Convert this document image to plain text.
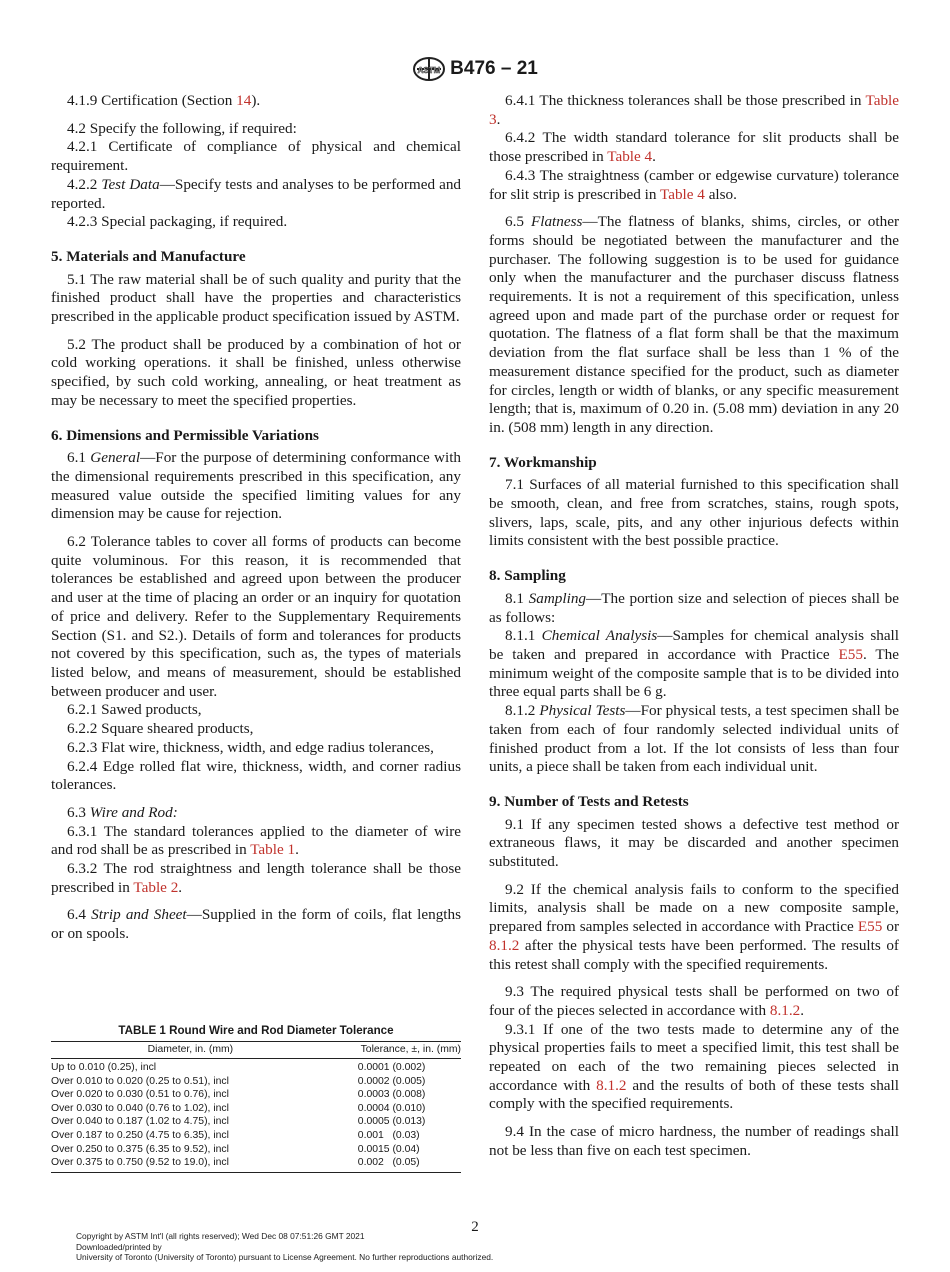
ASTM B476 – 21
4.1.9 Certification (Section 14).
4.2 Specify the following, if required:
4.2.1 Certificate of compliance of physical and chemical requirement.
4.2.2 Test Data—Specify tests and analyses to be performed and reported.
4.2.3 Special packaging, if required.
5. Materials and Manufacture
5.1 The raw material shall be of such quality and purity that the finished product shall have the properties and characteristics prescribed in the applicable product specification issued by ASTM.
5.2 The product shall be produced by a combination of hot or cold working operations. it shall be finished, unless otherwise specified, by such cold working, annealing, or heat treatment as may be necessary to meet the specified properties.
6. Dimensions and Permissible Variations
6.1 General—For the purpose of determining conformance with the dimensional requirements prescribed in this specification, any measured value outside the specified limiting values for any dimension may be cause for rejection.
6.2 Tolerance tables to cover all forms of products can become quite voluminous. For this reason, it is recommended that tolerances be established and agreed upon between the producer and user at the time of placing an order or an inquiry for quotation of price and delivery. Refer to the Supplementary Requirements Section (S1. and S2.). Details of form and tolerances for products not covered by this specification, such as, the types of materials listed below, and means of measurement, should be established between producer and user.
6.2.1 Sawed products,
6.2.2 Square sheared products,
6.2.3 Flat wire, thickness, width, and edge radius tolerances,
6.2.4 Edge rolled flat wire, thickness, width, and corner radius tolerances.
6.3 Wire and Rod:
6.3.1 The standard tolerances applied to the diameter of wire and rod shall be as prescribed in Table 1.
6.3.2 The rod straightness and length tolerance shall be those prescribed in Table 2.
6.4 Strip and Sheet—Supplied in the form of coils, flat lengths or on spools.
6.4.1 The thickness tolerances shall be those prescribed in Table 3.
6.4.2 The width standard tolerance for slit products shall be those prescribed in Table 4.
6.4.3 The straightness (camber or edgewise curvature) tolerance for slit strip is prescribed in Table 4 also.
6.5 Flatness—The flatness of blanks, shims, circles, or other forms should be negotiated between the manufacturer and the purchaser. The following suggestion is to be used for guidance only when the manufacturer and the purchaser discuss flatness requirements. It is not a requirement of this specification, unless agreed upon and made part of the purchase order or request for quotation. The flatness of a flat form shall be that the maximum deviation from the flat surface shall be less than 1 % of the measurement distance specified for the product, such as diameter for circles, length or width of blanks, or any specific measurement length; that is, maximum of 0.20 in. (5.08 mm) deviation in any 20 in. (508 mm) length in any direction.
7. Workmanship
7.1 Surfaces of all material furnished to this specification shall be smooth, clean, and free from scratches, stains, rough spots, slivers, laps, scale, pits, and any other injurious defects within limits consistent with the best possible practice.
8. Sampling
8.1 Sampling—The portion size and selection of pieces shall be as follows:
8.1.1 Chemical Analysis—Samples for chemical analysis shall be taken and prepared in accordance with Practice E55. The minimum weight of the composite sample that is to be divided into three equal parts shall be 6 g.
8.1.2 Physical Tests—For physical tests, a test specimen shall be taken from each of four randomly selected individual units of finished product from a lot. If the lot consists of less than four units, a piece shall be taken from each individual unit.
9. Number of Tests and Retests
9.1 If any specimen tested shows a defective test method or extraneous flaws, it may be discarded and another specimen substituted.
9.2 If the chemical analysis fails to conform to the specified limits, analysis shall be made on a new composite sample, prepared from samples selected in accordance with Practice E55 or 8.1.2 after the physical tests have been performed. The results of this retest shall comply with the specified requirements.
9.3 The required physical tests shall be performed on two of four of the pieces selected in accordance with 8.1.2.
9.3.1 If one of the two tests made to determine any of the physical properties fails to meet a specified limit, this test shall be repeated on each of the two remaining pieces selected in accordance with 8.1.2 and the results of both of these tests shall comply with the specified requirements.
9.4 In the case of micro hardness, the number of readings shall not be less than five on each test specimen.
TABLE 1 Round Wire and Rod Diameter Tolerance
Diameter, in. (mm)	Tolerance, ±, in. (mm)
Up to 0.010 (0.25), incl	0.0001 (0.002)
Over 0.010 to 0.020 (0.25 to 0.51), incl	0.0002 (0.005)
Over 0.020 to 0.030 (0.51 to 0.76), incl	0.0003 (0.008)
Over 0.030 to 0.040 (0.76 to 1.02), incl	0.0004 (0.010)
Over 0.040 to 0.187 (1.02 to 4.75), incl	0.0005 (0.013)
Over 0.187 to 0.250 (4.75 to 6.35), incl	0.001   (0.03)
Over 0.250 to 0.375 (6.35 to 9.52), incl	0.0015 (0.04)
Over 0.375 to 0.750 (9.52 to 19.0), incl	0.002   (0.05)
2
Copyright by ASTM Int'l (all rights reserved); Wed Dec 08 07:51:26 GMT 2021
Downloaded/printed by
University of Toronto (University of Toronto) pursuant to License Agreement. No further reproductions authorized.
